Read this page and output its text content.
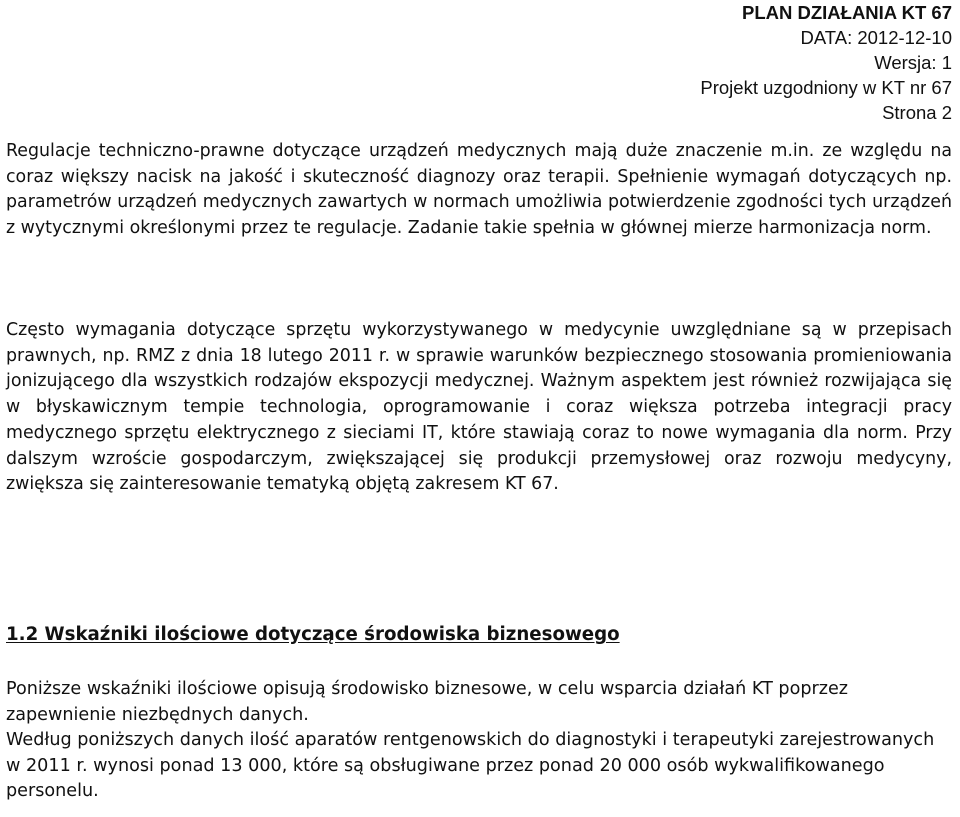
PLAN DZIAŁANIA KT 67
DATA: 2012-12-10
Wersja: 1
Projekt uzgodniony w KT nr 67
Strona 2

Regulacje techniczno-prawne dotyczące urządzeń medycznych mają duże znaczenie m.in. ze względu na coraz większy nacisk na jakość i skuteczność diagnozy oraz terapii. Spełnienie wymagań dotyczących np. parametrów urządzeń medycznych zawartych w normach umożliwia potwierdzenie zgodności tych urządzeń z wytycznymi określonymi przez te regulacje. Zadanie takie spełnia w głównej mierze harmonizacja norm.

Często wymagania dotyczące sprzętu wykorzystywanego w medycynie uwzględniane są w przepisach prawnych, np. RMZ z dnia 18 lutego 2011 r. w sprawie warunków bezpiecznego stosowania promieniowania jonizującego dla wszystkich rodzajów ekspozycji medycznej. Ważnym aspektem jest również rozwijająca się w błyskawicznym tempie technologia, oprogramowanie i coraz większa potrzeba integracji pracy medycznego sprzętu elektrycznego z sieciami IT, które stawiają coraz to nowe wymagania dla norm. Przy dalszym wzroście gospodarczym, zwiększającej się produkcji przemysłowej oraz rozwoju medycyny, zwiększa się zainteresowanie tematyką objętą zakresem KT 67.

1.2 Wskaźniki ilościowe dotyczące środowiska biznesowego

Poniższe wskaźniki ilościowe opisują środowisko biznesowe, w celu wsparcia działań KT poprzez zapewnienie niezbędnych danych.

Według poniższych danych ilość aparatów rentgenowskich do diagnostyki i terapeutyki zarejestrowanych w 2011 r. wynosi ponad 13 000, które są obsługiwane przez ponad 20 000 osób wykwalifikowanego personelu.
